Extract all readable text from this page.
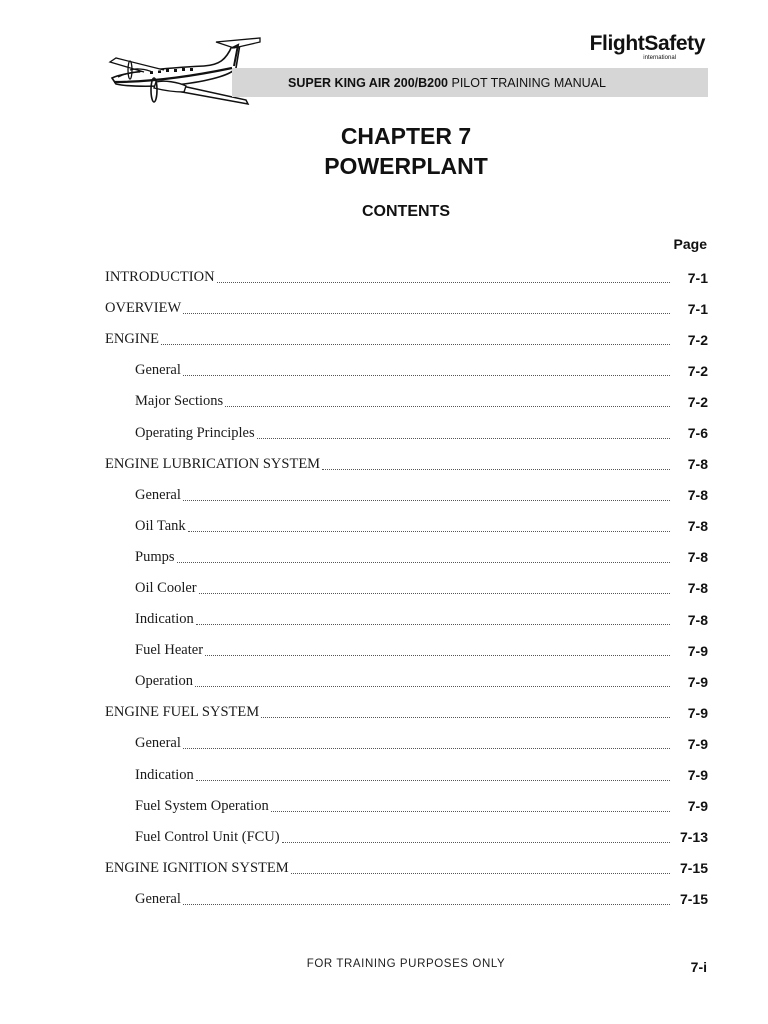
FlightSafety
international
SUPER KING AIR 200/B200 PILOT TRAINING MANUAL
CHAPTER 7
POWERPLANT
CONTENTS
Page
INTRODUCTION	7-1
OVERVIEW	7-1
ENGINE	7-2
General	7-2
Major Sections	7-2
Operating Principles	7-6
ENGINE LUBRICATION SYSTEM	7-8
General	7-8
Oil Tank	7-8
Pumps	7-8
Oil Cooler	7-8
Indication	7-8
Fuel Heater	7-9
Operation	7-9
ENGINE FUEL SYSTEM	7-9
General	7-9
Indication	7-9
Fuel System Operation	7-9
Fuel Control Unit (FCU)	7-13
ENGINE IGNITION SYSTEM	7-15
General	7-15
FOR TRAINING PURPOSES ONLY	7-i
